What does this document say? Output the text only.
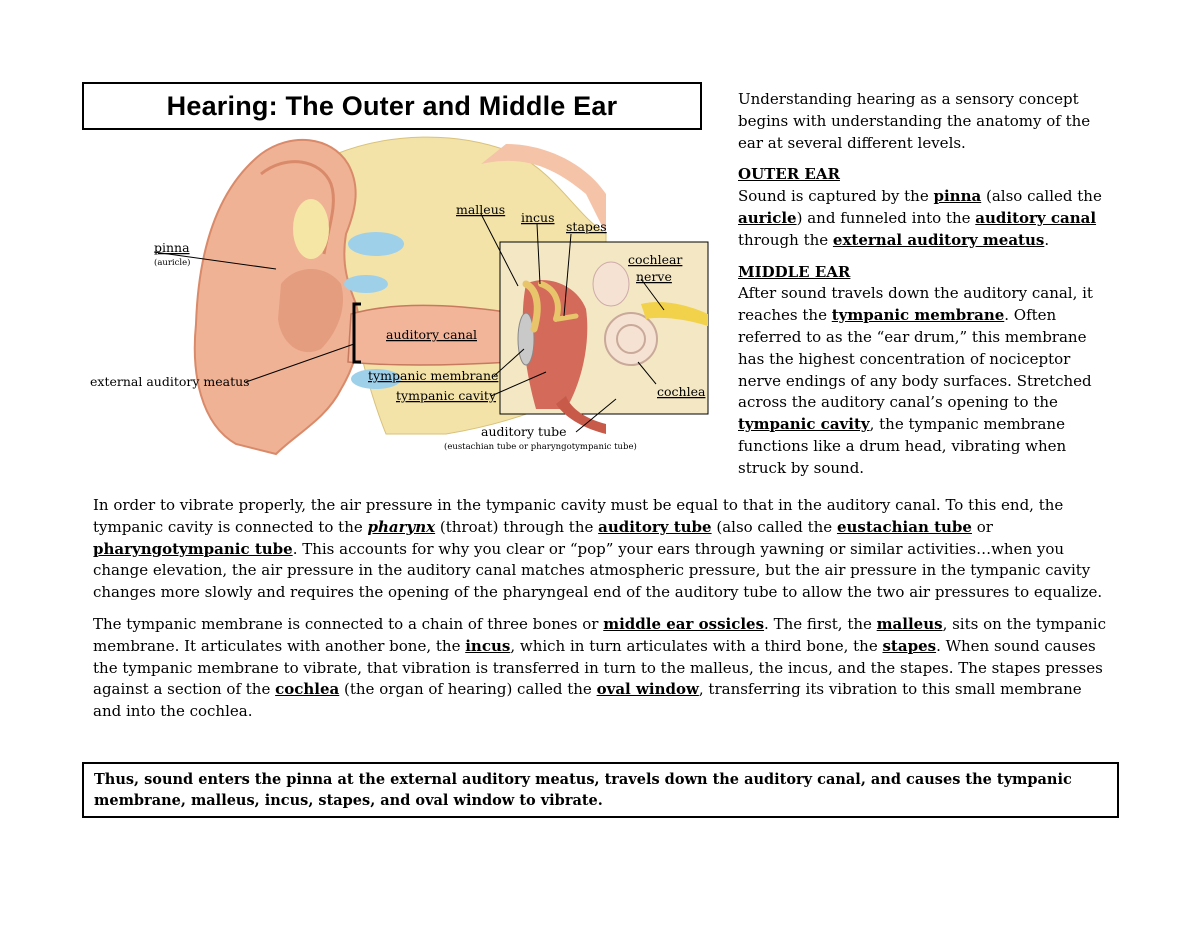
Hearing: The Outer and Middle Ear
pinna
(auricle)
malleus
incus
stapes
cochlear
nerve
auditory canal
external auditory meatus	tympanic membrane
tympanic cavity	cochlea
auditory tube
(eustachian tube or pharyngotympanic tube)

Understanding hearing as a sensory concept begins with understanding the anatomy of the ear at several different levels.

OUTER EAR
Sound is captured by the pinna (also called the auricle) and funneled into the auditory canal through the external auditory meatus.

MIDDLE EAR
After sound travels down the auditory canal, it reaches the tympanic membrane. Often referred to as the “ear drum,” this membrane has the highest concentration of nociceptor nerve endings of any body surfaces. Stretched across the auditory canal’s opening to the tympanic cavity, the tympanic membrane functions like a drum head, vibrating when struck by sound.

In order to vibrate properly, the air pressure in the tympanic cavity must be equal to that in the auditory canal. To this end, the tympanic cavity is connected to the pharynx (throat) through the auditory tube (also called the eustachian tube or pharyngotympanic tube. This accounts for why you clear or “pop” your ears through yawning or similar activities…when you change elevation, the air pressure in the auditory canal matches atmospheric pressure, but the air pressure in the tympanic cavity changes more slowly and requires the opening of the pharyngeal end of the auditory tube to allow the two air pressures to equalize.

The tympanic membrane is connected to a chain of three bones or middle ear ossicles. The first, the malleus, sits on the tympanic membrane. It articulates with another bone, the incus, which in turn articulates with a third bone, the stapes. When sound causes the tympanic membrane to vibrate, that vibration is transferred in turn to the malleus, the incus, and the stapes. The stapes presses against a section of the cochlea (the organ of hearing) called the oval window, transferring its vibration to this small membrane and into the cochlea.

Thus, sound enters the pinna at the external auditory meatus, travels down the auditory canal, and causes the tympanic membrane, malleus, incus, stapes, and oval window to vibrate.
